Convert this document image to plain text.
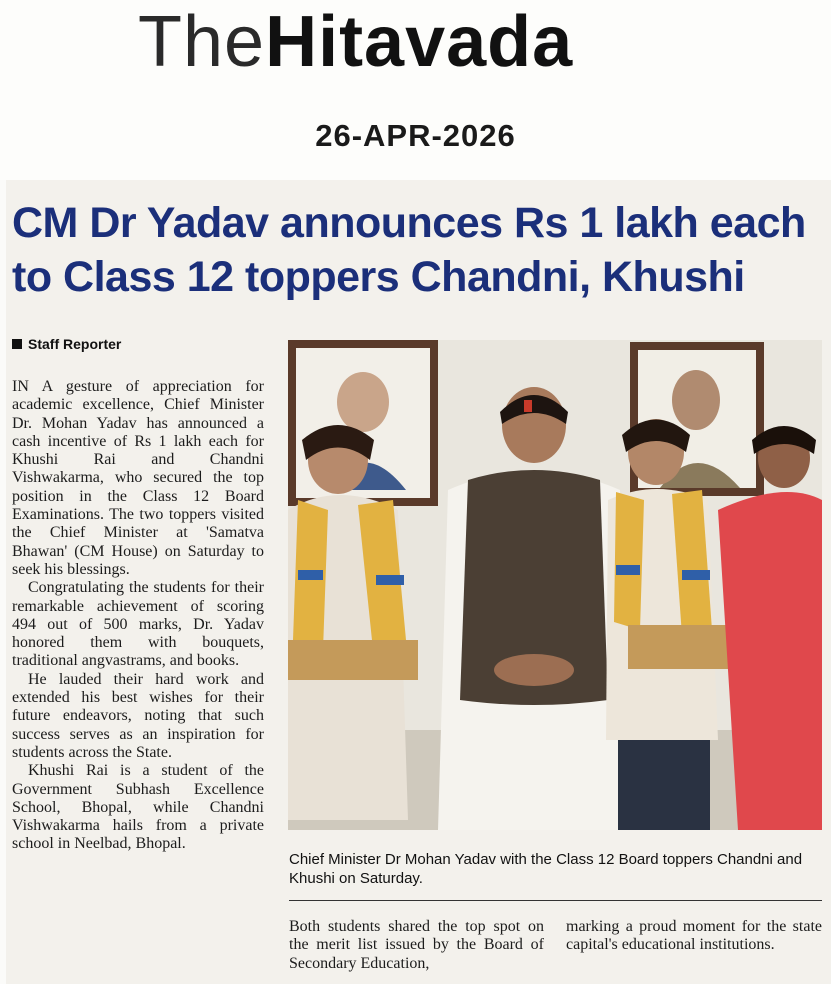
TheHitavada
26-APR-2026
CM Dr Yadav announces Rs 1 lakh each to Class 12 toppers Chandni, Khushi
Staff Reporter

IN A gesture of appreciation for academic excellence, Chief Minister Dr. Mohan Yadav has announced a cash incentive of Rs 1 lakh each for Khushi Rai and Chandni Vishwakarma, who secured the top position in the Class 12 Board Examinations. The two toppers visited the Chief Minister at 'Samatva Bhawan' (CM House) on Saturday to seek his blessings.

Congratulating the students for their remarkable achievement of scoring 494 out of 500 marks, Dr. Yadav honored them with bouquets, traditional angvastrams, and books.

He lauded their hard work and extended his best wishes for their future endeavors, noting that such success serves as an inspiration for students across the State.

Khushi Rai is a student of the Government Subhash Excellence School, Bhopal, while Chandni Vishwakarma hails from a private school in Neelbad, Bhopal.

Chief Minister Dr Mohan Yadav with the Class 12 Board toppers Chandni and Khushi on Saturday.

Both students shared the top spot on the merit list issued by the Board of Secondary Education,

marking a proud moment for the state capital's educational institutions.
